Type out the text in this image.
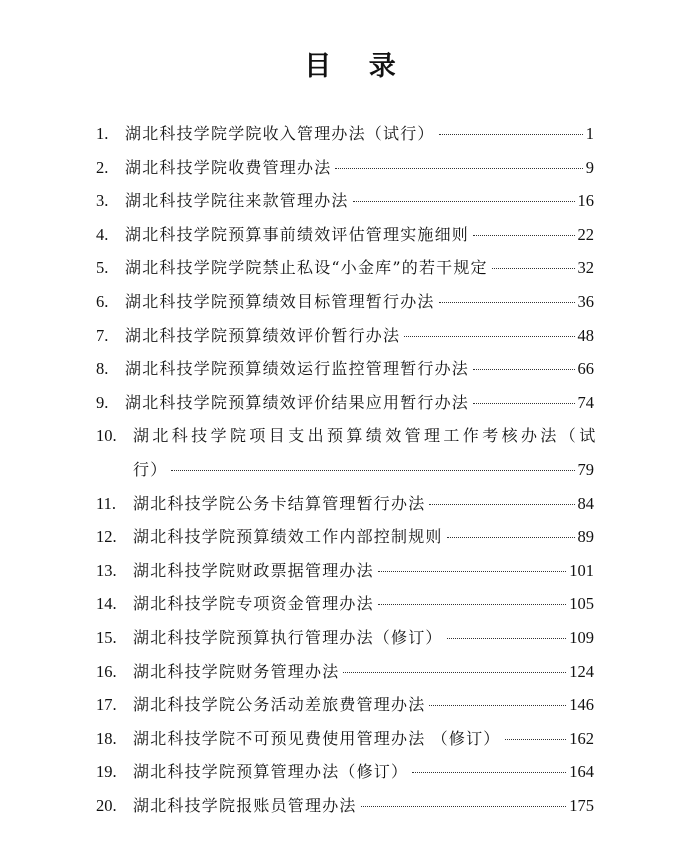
目 录
1. 湖北科技学院学院收入管理办法（试行）	1
2. 湖北科技学院收费管理办法	9
3. 湖北科技学院往来款管理办法	16
4. 湖北科技学院预算事前绩效评估管理实施细则	22
5. 湖北科技学院学院禁止私设“小金库”的若干规定	32
6. 湖北科技学院预算绩效目标管理暂行办法	36
7. 湖北科技学院预算绩效评价暂行办法	48
8. 湖北科技学院预算绩效运行监控管理暂行办法	66
9. 湖北科技学院预算绩效评价结果应用暂行办法	74
10. 湖北科技学院项目支出预算绩效管理工作考核办法（试
行）	79
11. 湖北科技学院公务卡结算管理暂行办法	84
12. 湖北科技学院预算绩效工作内部控制规则	89
13. 湖北科技学院财政票据管理办法	101
14. 湖北科技学院专项资金管理办法	105
15. 湖北科技学院预算执行管理办法（修订）	109
16. 湖北科技学院财务管理办法	124
17. 湖北科技学院公务活动差旅费管理办法	146
18. 湖北科技学院不可预见费使用管理办法 （修订）	162
19. 湖北科技学院预算管理办法（修订）	164
20. 湖北科技学院报账员管理办法	175
